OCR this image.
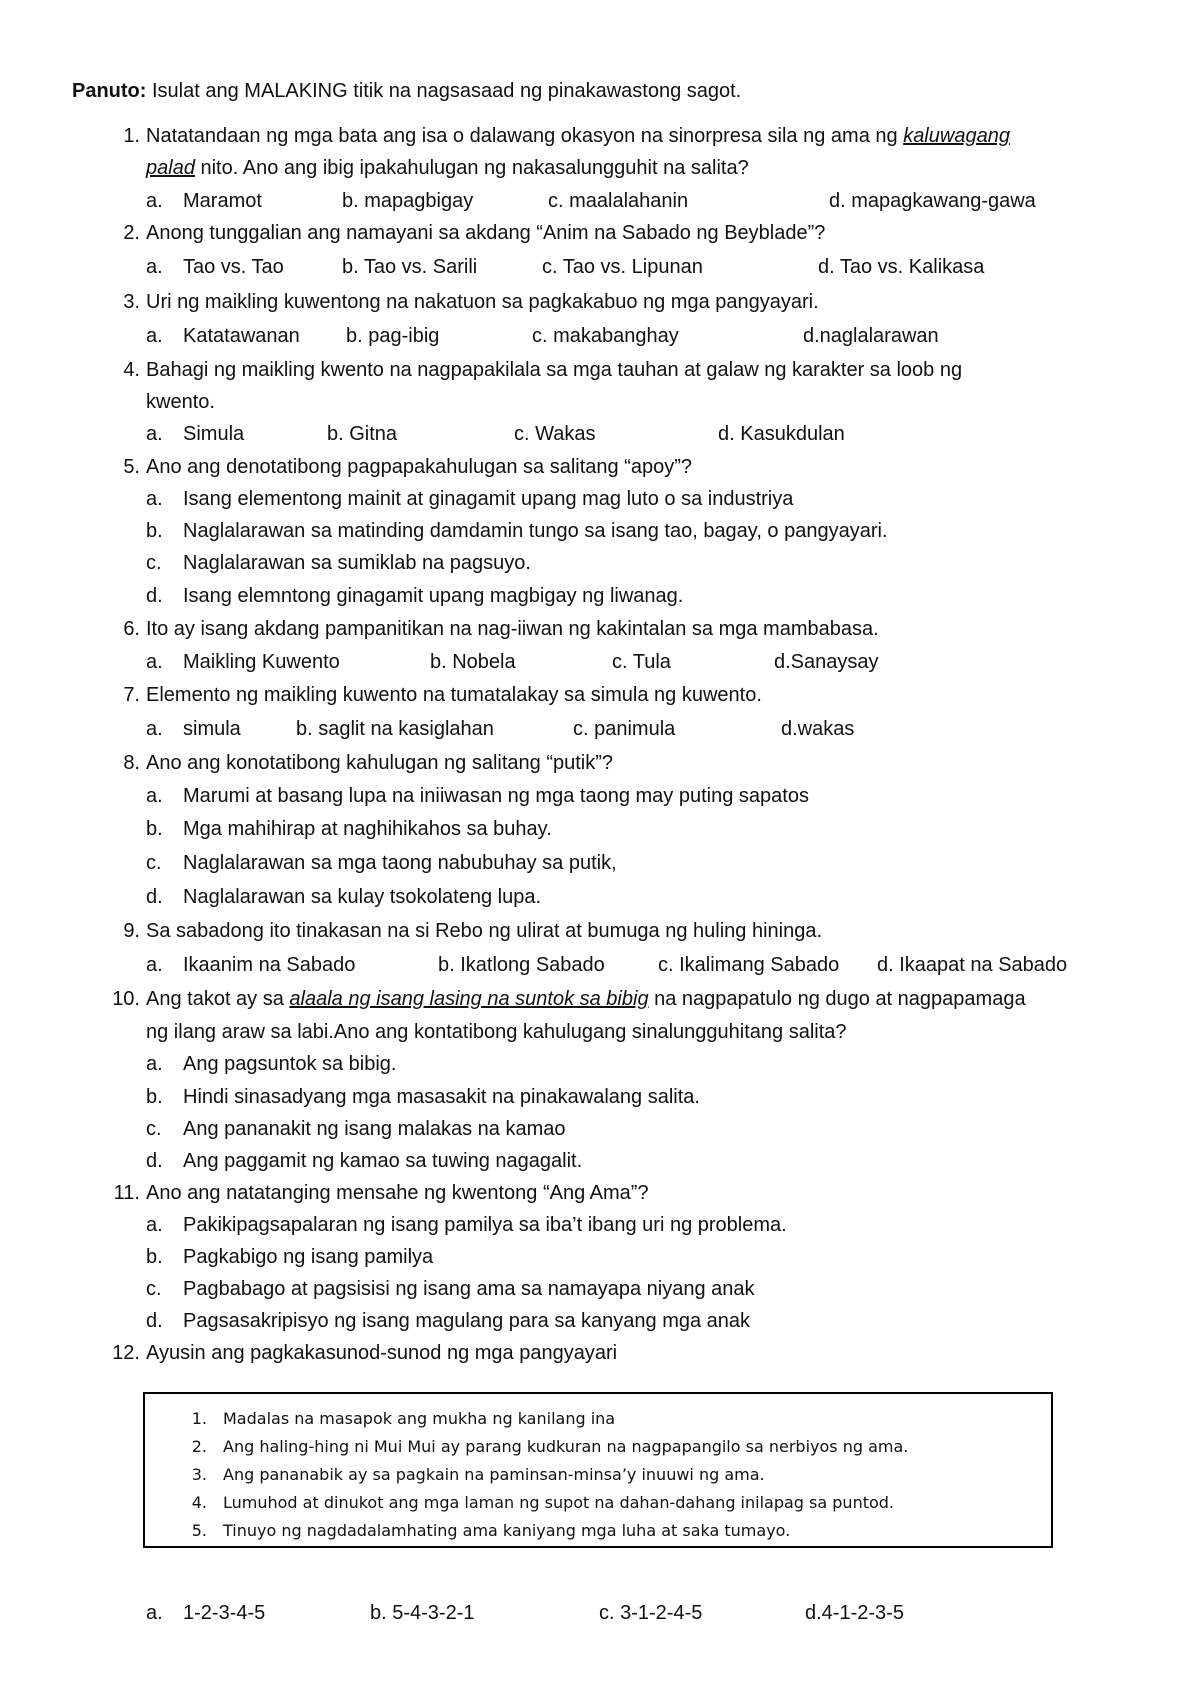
Panuto: Isulat ang MALAKING titik na nagsasaad ng pinakawastong sagot.
1. Natatandaan ng mga bata ang isa o dalawang okasyon na sinorpresa sila ng ama ng kaluwagang
palad nito. Ano ang ibig ipakahulugan ng nakasalungguhit na salita?
a. Maramot	b. mapagbigay	c. maalalahanin	d. mapagkawang-gawa
2. Anong tunggalian ang namayani sa akdang “Anim na Sabado ng Beyblade”?
a. Tao vs. Tao	b. Tao vs. Sarili	c. Tao vs. Lipunan	d. Tao vs. Kalikasa
3. Uri ng maikling kuwentong na nakatuon sa pagkakabuo ng mga pangyayari.
a. Katatawanan b. pag-ibig	c. makabanghay	d.naglalarawan
4. Bahagi ng maikling kwento na nagpapakilala sa mga tauhan at galaw ng karakter sa loob ng
kwento.
a. Simula	b. Gitna	c. Wakas	d. Kasukdulan
5. Ano ang denotatibong pagpapakahulugan sa salitang “apoy”?
a. Isang elementong mainit at ginagamit upang mag luto o sa industriya
b. Naglalarawan sa matinding damdamin tungo sa isang tao, bagay, o pangyayari.
c. Naglalarawan sa sumiklab na pagsuyo.
d. Isang elemntong ginagamit upang magbigay ng liwanag.
6. Ito ay isang akdang pampanitikan na nag-iiwan ng kakintalan sa mga mambabasa.
a. Maikling Kuwento	b. Nobela	c. Tula	d.Sanaysay
7. Elemento ng maikling kuwento na tumatalakay sa simula ng kuwento.
a. simula	b. saglit na kasiglahan	c. panimula	d.wakas
8. Ano ang konotatibong kahulugan ng salitang “putik”?
a. Marumi at basang lupa na iniiwasan ng mga taong may puting sapatos
b. Mga mahihirap at naghihikahos sa buhay.
c. Naglalarawan sa mga taong nabubuhay sa putik,
d. Naglalarawan sa kulay tsokolateng lupa.
9. Sa sabadong ito tinakasan na si Rebo ng ulirat at bumuga ng huling hininga.
a. Ikaanim na Sabado	b. Ikatlong Sabado	c. Ikalimang Sabado d. Ikaapat na Sabado
10. Ang takot ay sa alaala ng isang lasing na suntok sa bibig na nagpapatulo ng dugo at nagpapamaga
ng ilang araw sa labi.Ano ang kontatibong kahulugang sinalungguhitang salita?
a. Ang pagsuntok sa bibig.
b. Hindi sinasadyang mga masasakit na pinakawalang salita.
c. Ang pananakit ng isang malakas na kamao
d. Ang paggamit ng kamao sa tuwing nagagalit.
11. Ano ang natatanging mensahe ng kwentong “Ang Ama”?
a. Pakikipagsapalaran ng isang pamilya sa iba’t ibang uri ng problema.
b. Pagkabigo ng isang pamilya
c. Pagbabago at pagsisisi ng isang ama sa namayapa niyang anak
d. Pagsasakripisyo ng isang magulang para sa kanyang mga anak
12. Ayusin ang pagkakasunod-sunod ng mga pangyayari
1. Madalas na masapok ang mukha ng kanilang ina
2. Ang haling-hing ni Mui Mui ay parang kudkuran na nagpapangilo sa nerbiyos ng ama.
3. Ang pananabik ay sa pagkain na paminsan-minsa’y inuuwi ng ama.
4. Lumuhod at dinukot ang mga laman ng supot na dahan-dahang inilapag sa puntod.
5. Tinuyo ng nagdadalamhating ama kaniyang mga luha at saka tumayo.
a. 1-2-3-4-5	b. 5-4-3-2-1	c. 3-1-2-4-5	d.4-1-2-3-5
